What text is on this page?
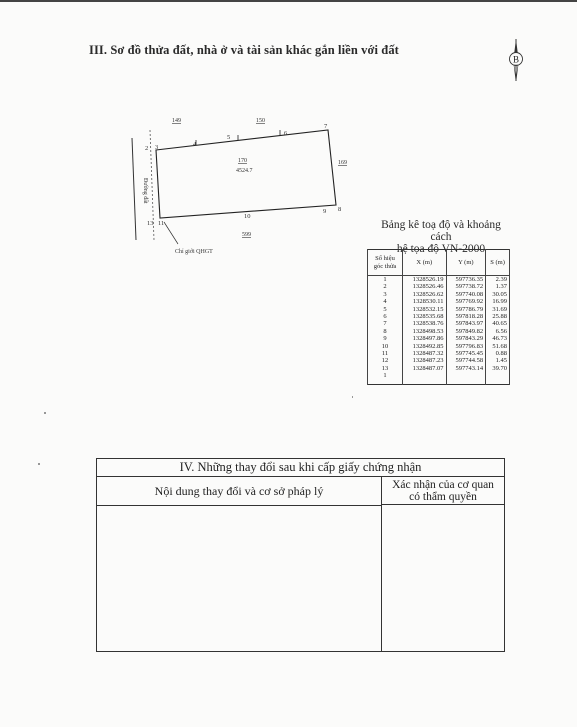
III. Sơ đồ thửa đất, nhà ở và tài sản khác gắn liền với đất
B
149	150
169
599
170
4524.7
2 3	4
5
6
7
8
9
10
11
13
Đường đất
Chỉ giới QHGT
Bảng kê toạ độ và khoảng cách
hệ tọa độ VN-2000
Số hiệu góc thửa	X (m)	Y (m)	S (m)
1	1328526.19	597736.35	2.39
2	1328526.46	597738.72	1.37
3	1328526.62	597740.08	30.05
4	1328530.11	597769.92	16.99
5	1328532.15	597786.79	31.69
6	1328535.68	597818.28	25.88
7	1328538.76	597843.97	40.65
8	1328498.53	597849.82	6.56
9	1328497.86	597843.29	46.73
10	1328492.85	597796.83	51.68
11	1328487.32	597745.45	0.88
12	1328487.23	597744.58	1.45
13	1328487.07	597743.14	39.70
1			
IV. Những thay đổi sau khi cấp giấy chứng nhận
Nội dung thay đổi và cơ sở pháp lý	Xác nhận của cơ quan
có thẩm quyền
